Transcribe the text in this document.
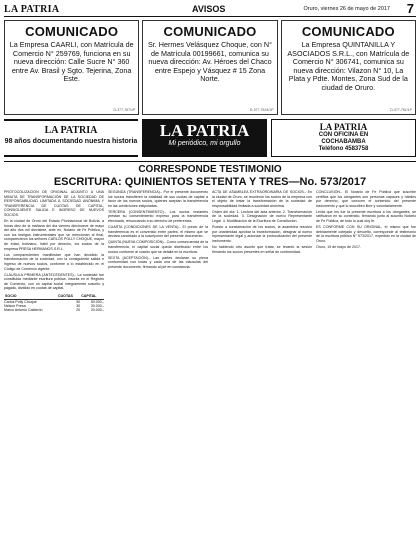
LA PATRIA	AVISOS	Oruro, viernes 26 de mayo de 2017 7
COMUNICADO

La Empresa CAARLI, con Matrícula de Comercio N° 259769, funciona en su nueva dirección: Calle Sucre N° 360 entre Av. Brasil y Sgto. Tejerina, Zona Este.

D-377-767/1P
COMUNICADO

Sr. Hermes Velásquez Choque, con N° de Matrícula 00199661, comunica su nueva dirección: Av. Héroes del Chaco entre Espejo y Vásquez # 15 Zona Norte.

D-377-7624/1P
COMUNICADO

La Empresa QUINTANILLA Y ASOCIADOS S.R.L., con Matrícula de Comercio N° 306741, comunica su nueva dirección: Vilazon N° 10, La Plata y Pdte. Montes, Zona Sud de la ciudad de Oruro.

D-377-761/1P
LA PATRIA
98 años documentando nuestra historia
LA PATRIA
Mi periódico, mi orgullo
LA PATRIA
CON OFICINA EN
COCHABAMBA
Teléfono 4583758
CORRESPONDE TESTIMONIO
ESCRITURA: QUINIENTOS SETENTA Y TRES—No. 573/2017

PROTOCOLIZACIÓN DE ORIGINAL ADJUNTO A UNA MINUTA DE TRANSFORMACIÓN DE LA SOCIEDAD DE RESPONSABILIDAD LIMITADA A SOCIEDAD ANÓNIMA Y TRANSFERENCIA DE CUOTAS DE CAPITAL, CONSIGUIENTE SALIDA E INGRESO DE NUEVOS SOCIOS.

En la ciudad de Oruro del Estado Plurinacional de Bolivia, a horas diez de la mañana del día viernes diecinueve de mayo del año dos mil diecisiete, ante mí, Notario de Fe Pública, y con los testigos instrumentales que se mencionan al final, comparecieron los señores CARLOS POLLY CHOQUE, mayor de edad, boliviano, hábil por derecho, los socios de la empresa PRESA HERMANOS S.R.L.

Los comparecientes manifiestan que han decidido la transformación de la sociedad, con la consiguiente salida e ingreso de nuevos socios, conforme a lo establecido en el Código de Comercio vigente.

CLÁUSULA PRIMERA (ANTECEDENTES).- La sociedad fue constituida mediante escritura pública, inscrita en el Registro de Comercio, con un capital social íntegramente suscrito y pagado, dividido en cuotas de capital.

SOCIO	CUOTAS	CAPITAL
Carlos Polly Choque	50	50.000,-
Nelson Presa	30	30.000,-
Marco Antonio Calderón	20	20.000,-

SEGUNDA (TRANSFERENCIA).- Por el presente documento los socios transfieren la totalidad de sus cuotas de capital a favor de los nuevos socios, quienes aceptan la transferencia en las condiciones estipuladas.

TERCERA (CONSENTIMIENTO).- Los socios restantes prestan su consentimiento expreso para la transferencia efectuada, renunciando a su derecho de preferencia.

CUARTA (CONDICIONES DE LA VENTA).- El precio de la transferencia es el convenido entre partes, el mismo que se declara cancelado a la suscripción del presente documento.

QUINTA (NUEVA COMPOSICIÓN).- Como consecuencia de la transferencia, el capital social queda distribuido entre los socios conforme al cuadro que se detalla en la escritura.

SEXTA (ACEPTACIÓN).- Las partes declaran su plena conformidad con todas y cada una de las cláusulas del presente documento, firmando al pie en constancia.

ACTA DE ASAMBLEA EXTRAORDINARIA DE SOCIOS.- En la ciudad de Oruro, se reunieron los socios de la empresa con el objeto de tratar la transformación de la sociedad de responsabilidad limitada a sociedad anónima.

Orden del día: 1. Lectura del acta anterior. 2. Transformación de la sociedad. 3. Designación de nuevo Representante Legal. 4. Modificación de la Escritura de Constitución.

Puesto a consideración de los socios, la asamblea resolvió por unanimidad aprobar la transformación, designar al nuevo representante legal y autorizar la protocolización del presente instrumento.

No habiendo otro asunto que tratar, se levantó la sesión firmando los socios presentes en señal de conformidad.

CONCLUSIÓN.- El Notario de Fe Pública que suscribe certifica que los otorgantes son personas capaces y hábiles por derecho, que conocen el contenido del presente instrumento y que lo suscriben libre y voluntariamente.

Leída que les fue la presente escritura a los otorgantes, se ratificaron en su contenido, firmando junto al suscrito Notario de Fe Pública, de todo lo cual doy fe.

ES CONFORME CON SU ORIGINAL, el mismo que fue debidamente cotejado y devuelto, corresponde al testimonio de la escritura pública N° 573/2017, expedido en la ciudad de Oruro.

Oruro, 19 de mayo de 2017.
